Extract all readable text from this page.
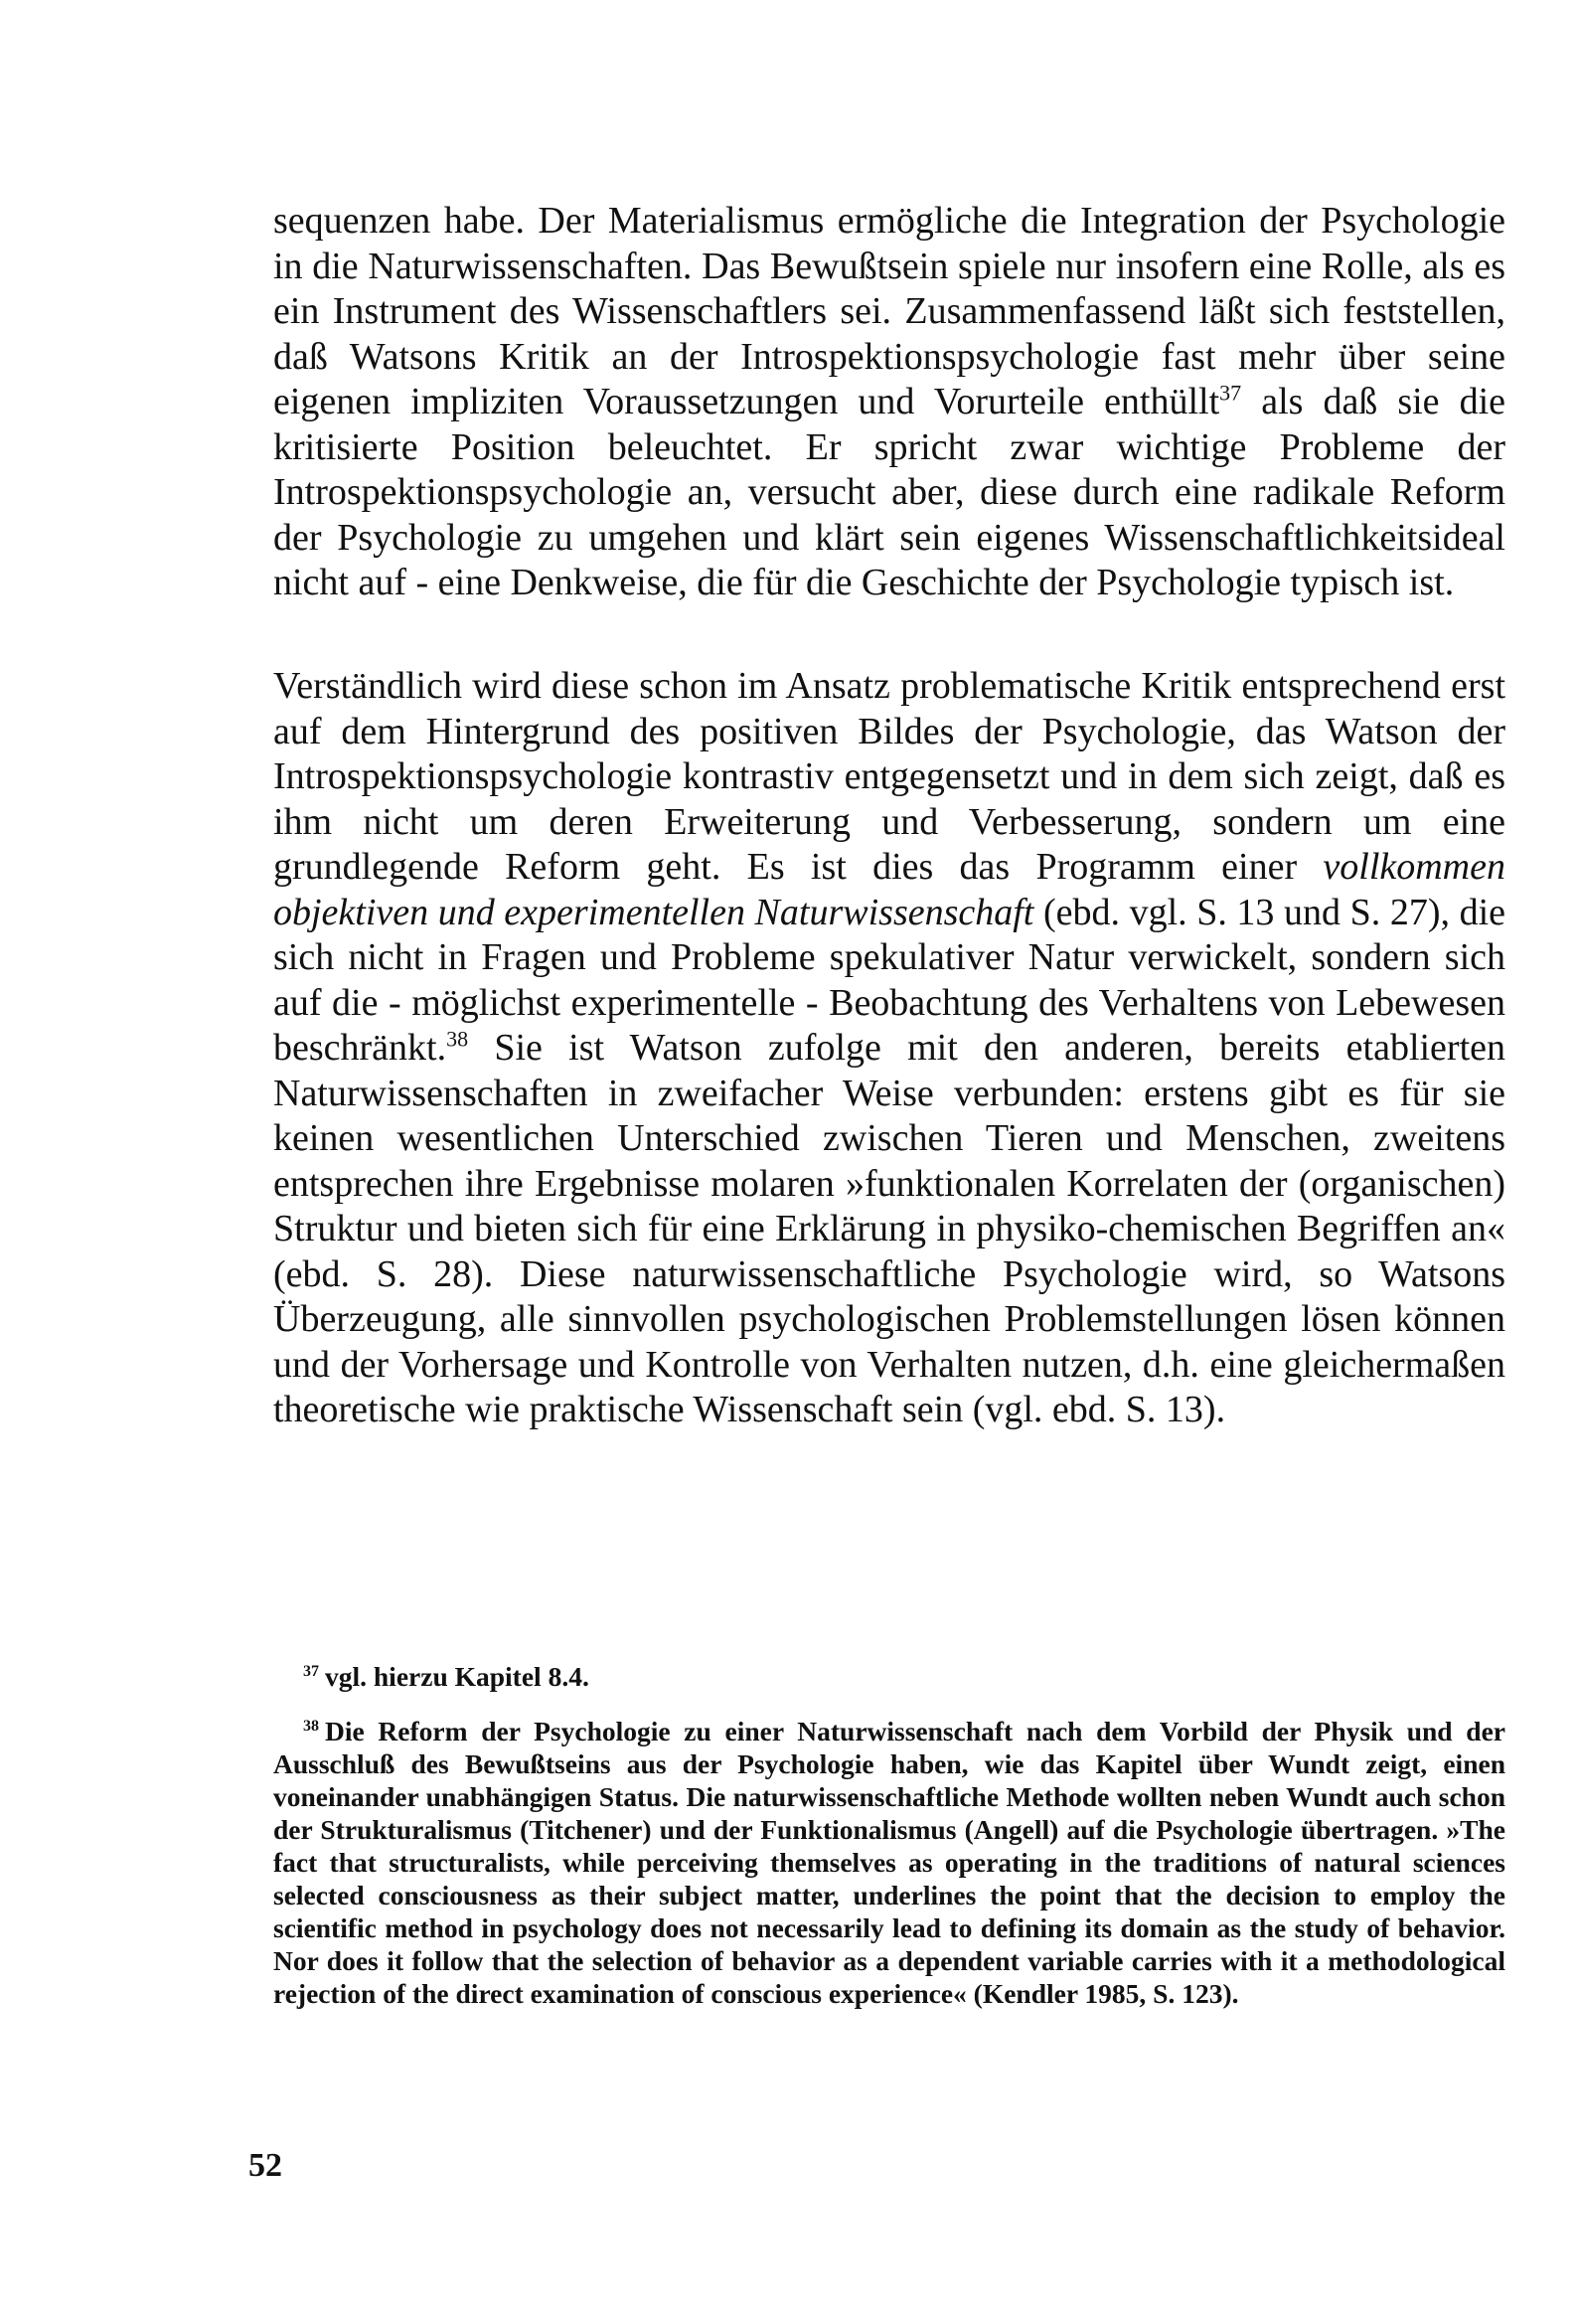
sequenzen habe. Der Materialismus ermögliche die Integration der Psychologie in die Naturwissenschaften. Das Bewußtsein spiele nur insofern eine Rolle, als es ein Instrument des Wissenschaftlers sei. Zusammenfassend läßt sich feststellen, daß Watsons Kritik an der Introspektionspsychologie fast mehr über seine eigenen impliziten Voraussetzungen und Vorurteile enthüllt$^{37}$ als daß sie die kritisierte Position beleuchtet. Er spricht zwar wichtige Probleme der Introspektionspsychologie an, versucht aber, diese durch eine radikale Reform der Psychologie zu umgehen und klärt sein eigenes Wissenschaftlichkeitsideal nicht auf - eine Denkweise, die für die Geschichte der Psychologie typisch ist.

Verständlich wird diese schon im Ansatz problematische Kritik entsprechend erst auf dem Hintergrund des positiven Bildes der Psychologie, das Watson der Introspektionspsychologie kontrastiv entgegensetzt und in dem sich zeigt, daß es ihm nicht um deren Erweiterung und Verbesserung, sondern um eine grundlegende Reform geht. Es ist dies das Programm einer vollkommen objektiven und experimentellen Naturwissenschaft (ebd. vgl. S. 13 und S. 27), die sich nicht in Fragen und Probleme spekulativer Natur verwickelt, sondern sich auf die - möglichst experimentelle - Beobachtung des Verhaltens von Lebewesen beschränkt.$^{38}$ Sie ist Watson zufolge mit den anderen, bereits etablierten Naturwissenschaften in zweifacher Weise verbunden: erstens gibt es für sie keinen wesentlichen Unterschied zwischen Tieren und Menschen, zweitens entsprechen ihre Ergebnisse molaren »funktionalen Korrelaten der (organischen) Struktur und bieten sich für eine Erklärung in physiko-chemischen Begriffen an« (ebd. S. 28). Diese naturwissenschaftliche Psychologie wird, so Watsons Überzeugung, alle sinnvollen psychologischen Problemstellungen lösen können und der Vorhersage und Kontrolle von Verhalten nutzen, d.h. eine gleichermaßen theoretische wie praktische Wissenschaft sein (vgl. ebd. S. 13).

$^{37}$ vgl. hierzu Kapitel 8.4.

$^{38}$ Die Reform der Psychologie zu einer Naturwissenschaft nach dem Vorbild der Physik und der Ausschluß des Bewußtseins aus der Psychologie haben, wie das Kapitel über Wundt zeigt, einen voneinander unabhängigen Status. Die naturwissenschaftliche Methode wollten neben Wundt auch schon der Strukturalismus (Titchener) und der Funktionalismus (Angell) auf die Psychologie übertragen. »The fact that structuralists, while perceiving themselves as operating in the traditions of natural sciences selected consciousness as their subject matter, underlines the point that the decision to employ the scientific method in psychology does not necessarily lead to defining its domain as the study of behavior. Nor does it follow that the selection of behavior as a dependent variable carries with it a methodological rejection of the direct examination of conscious experience« (Kendler 1985, S. 123).

52
